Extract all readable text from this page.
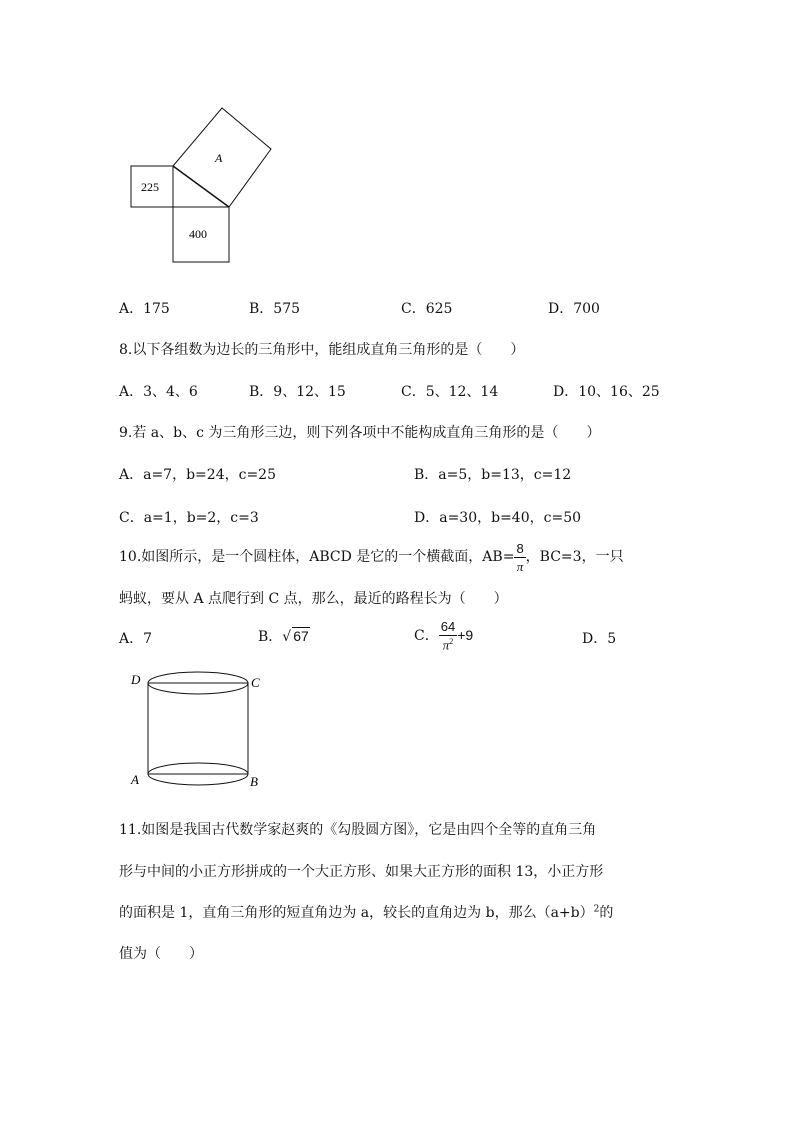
A
225
400
A．175	B．575	C．625	D．700
8.以下各组数为边长的三角形中，能组成直角三角形的是（　　）
A．3、4、6	B．9、12、15	C．5、12、14	D．10、16、25
9.若 a、b、c 为三角形三边，则下列各项中不能构成直角三角形的是（　　）
A．a=7，b=24，c=25	B．a=5，b=13，c=12
C．a=1，b=2，c=3	D．a=30，b=40，c=50
10.如图所示，是一个圆柱体，ABCD 是它的一个横截面，$AB= \frac{8}{\pi}$ ，BC=3，一只
蚂蚁，要从 A 点爬行到 C 点，那么，最近的路程长为（　　）
A．7	B．√ 67	C． $\frac{64}{\pi^2} +9$	D．5
D	C
A	B
11.如图是我国古代数学家赵爽的《勾股圆方图》，它是由四个全等的直角三角
形与中间的小正方形拼成的一个大正方形、如果大正方形的面积 13，小正方形
的面积是 1，直角三角形的短直角边为 a，较长的直角边为 b，那么$(a+b)^2$的
值为（　　）
